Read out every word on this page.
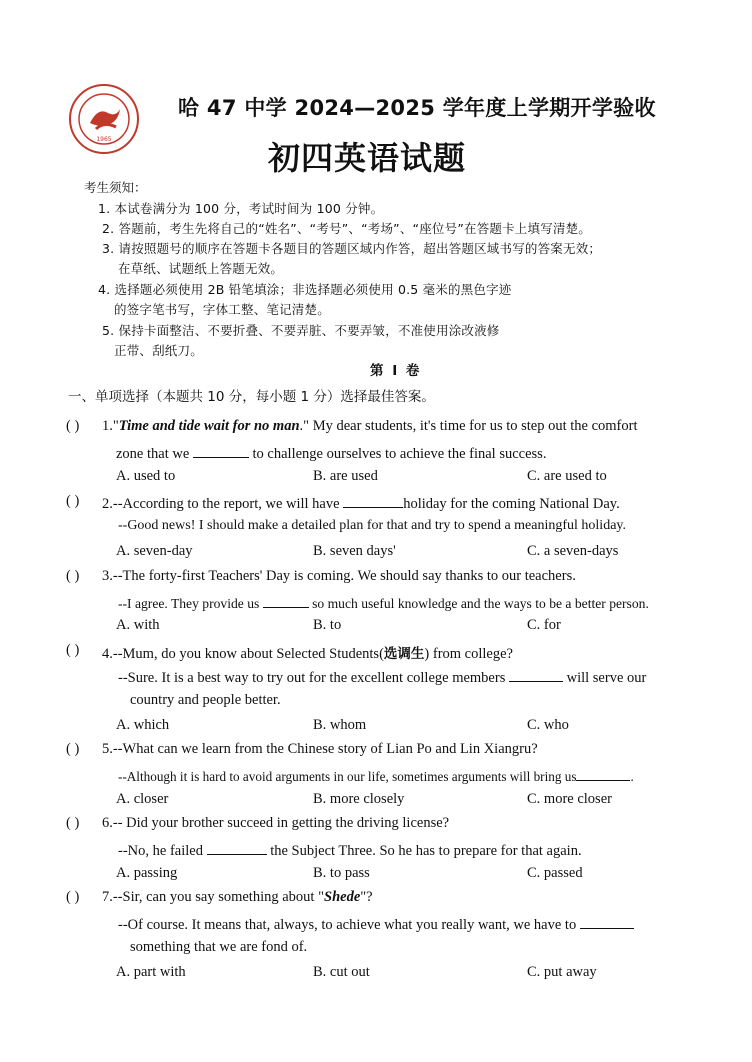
1965
哈 47 中学 2024—2025 学年度上学期开学验收
初四英语试题
考生须知：
1. 本试卷满分为 100 分，考试时间为 100 分钟。
2. 答题前，考生先将自己的“姓名”、“考号”、“考场”、“座位号”在答题卡上填写清楚。
3. 请按照题号的顺序在答题卡各题目的答题区域内作答，超出答题区域书写的答案无效；
在草纸、试题纸上答题无效。
4. 选择题必须使用 2B 铅笔填涂；非选择题必须使用 0.5 毫米的黑色字迹
的签字笔书写，字体工整、笔记清楚。
5. 保持卡面整洁、不要折叠、不要弄脏、不要弄皱，不准使用涂改液修
正带、刮纸刀。
第 I 卷
一、单项选择（本题共 10 分，每小题 1 分）选择最佳答案。
( ) 1."Time and tide wait for no man." My dear students, it's time for us to step out the comfort
zone that we	to challenge ourselves to achieve the final success.
A. used to	B. are used	C. are used to
( ) 2.--According to the report, we will have	holiday for the coming National Day.
--Good news! I should make a detailed plan for that and try to spend a meaningful holiday.
A. seven-day	B. seven days'	C. a seven-days
( ) 3.--The forty-first Teachers' Day is coming. We should say thanks to our teachers.
--I agree. They provide us	so much useful knowledge and the ways to be a better person.
A. with	B. to	C. for
( ) 4.--Mum, do you know about Selected Students(选调生) from college?
--Sure. It is a best way to try out for the excellent college members	will serve our
country and people better.
A. which	B. whom	C. who
( ) 5.--What can we learn from the Chinese story of Lian Po and Lin Xiangru?
--Although it is hard to avoid arguments in our life, sometimes arguments will bring us	.
A. closer	B. more closely	C. more closer
( ) 6.-- Did your brother succeed in getting the driving license?
--No, he failed	the Subject Three. So he has to prepare for that again.
A. passing	B. to pass	C. passed
( ) 7.--Sir, can you say something about "Shede"?
--Of course. It means that, always, to achieve what you really want, we have to
something that we are fond of.
A. part with	B. cut out	C. put away
